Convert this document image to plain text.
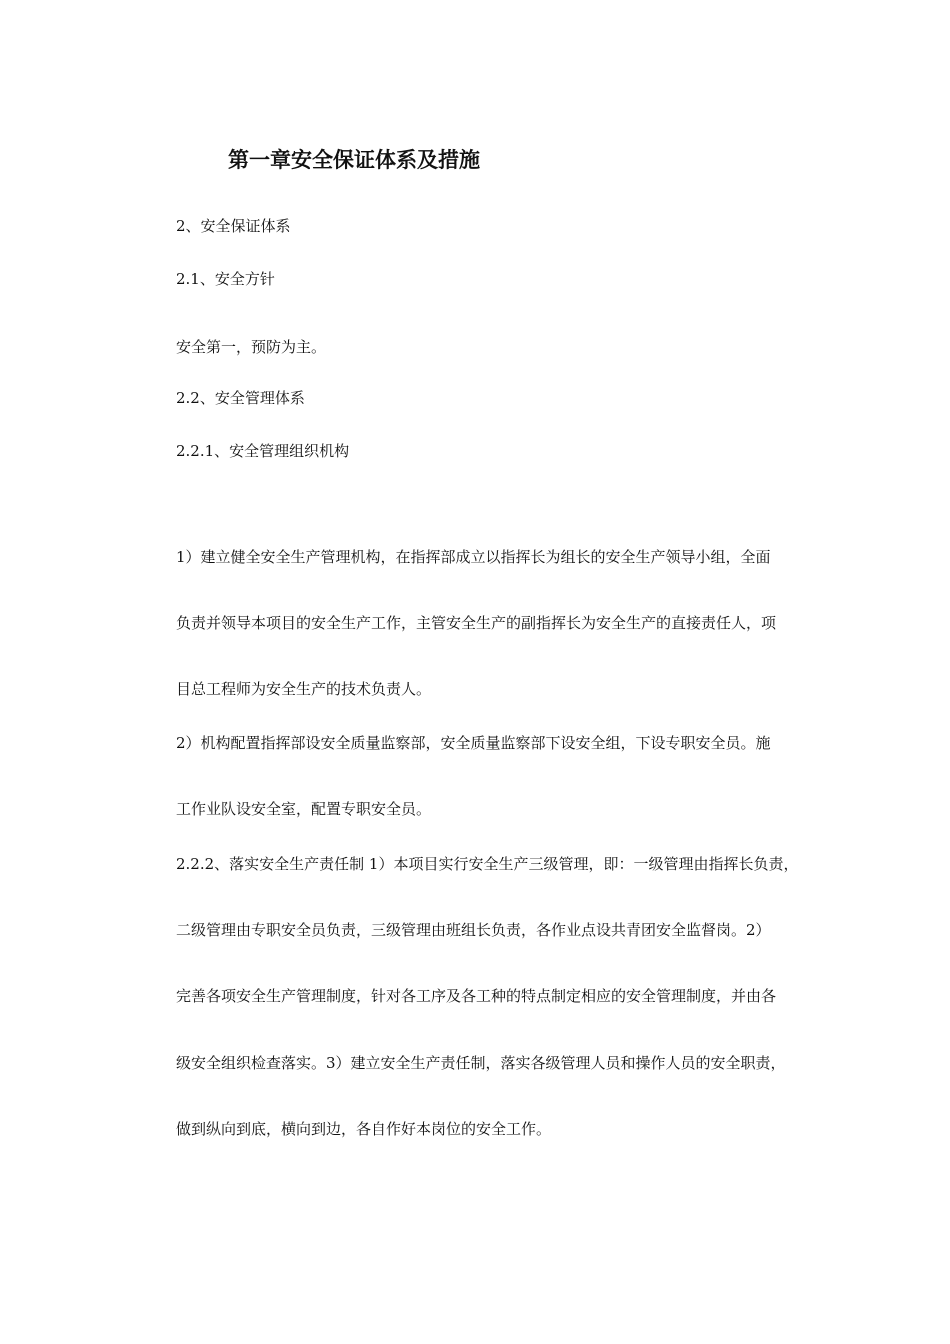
第一章安全保证体系及措施
2、安全保证体系
2.1、安全方针
安全第一，预防为主。
2.2、安全管理体系
2.2.1、安全管理组织机构
1）建立健全安全生产管理机构，在指挥部成立以指挥长为组长的安全生产领导小组，全面
负责并领导本项目的安全生产工作，主管安全生产的副指挥长为安全生产的直接责任人，项
目总工程师为安全生产的技术负责人。
2）机构配置指挥部设安全质量监察部，安全质量监察部下设安全组，下设专职安全员。施
工作业队设安全室，配置专职安全员。
2.2.2、落实安全生产责任制 1）本项目实行安全生产三级管理，即：一级管理由指挥长负责，
二级管理由专职安全员负责，三级管理由班组长负责，各作业点设共青团安全监督岗。2）
完善各项安全生产管理制度，针对各工序及各工种的特点制定相应的安全管理制度，并由各
级安全组织检查落实。3）建立安全生产责任制，落实各级管理人员和操作人员的安全职责，
做到纵向到底，横向到边，各自作好本岗位的安全工作。
